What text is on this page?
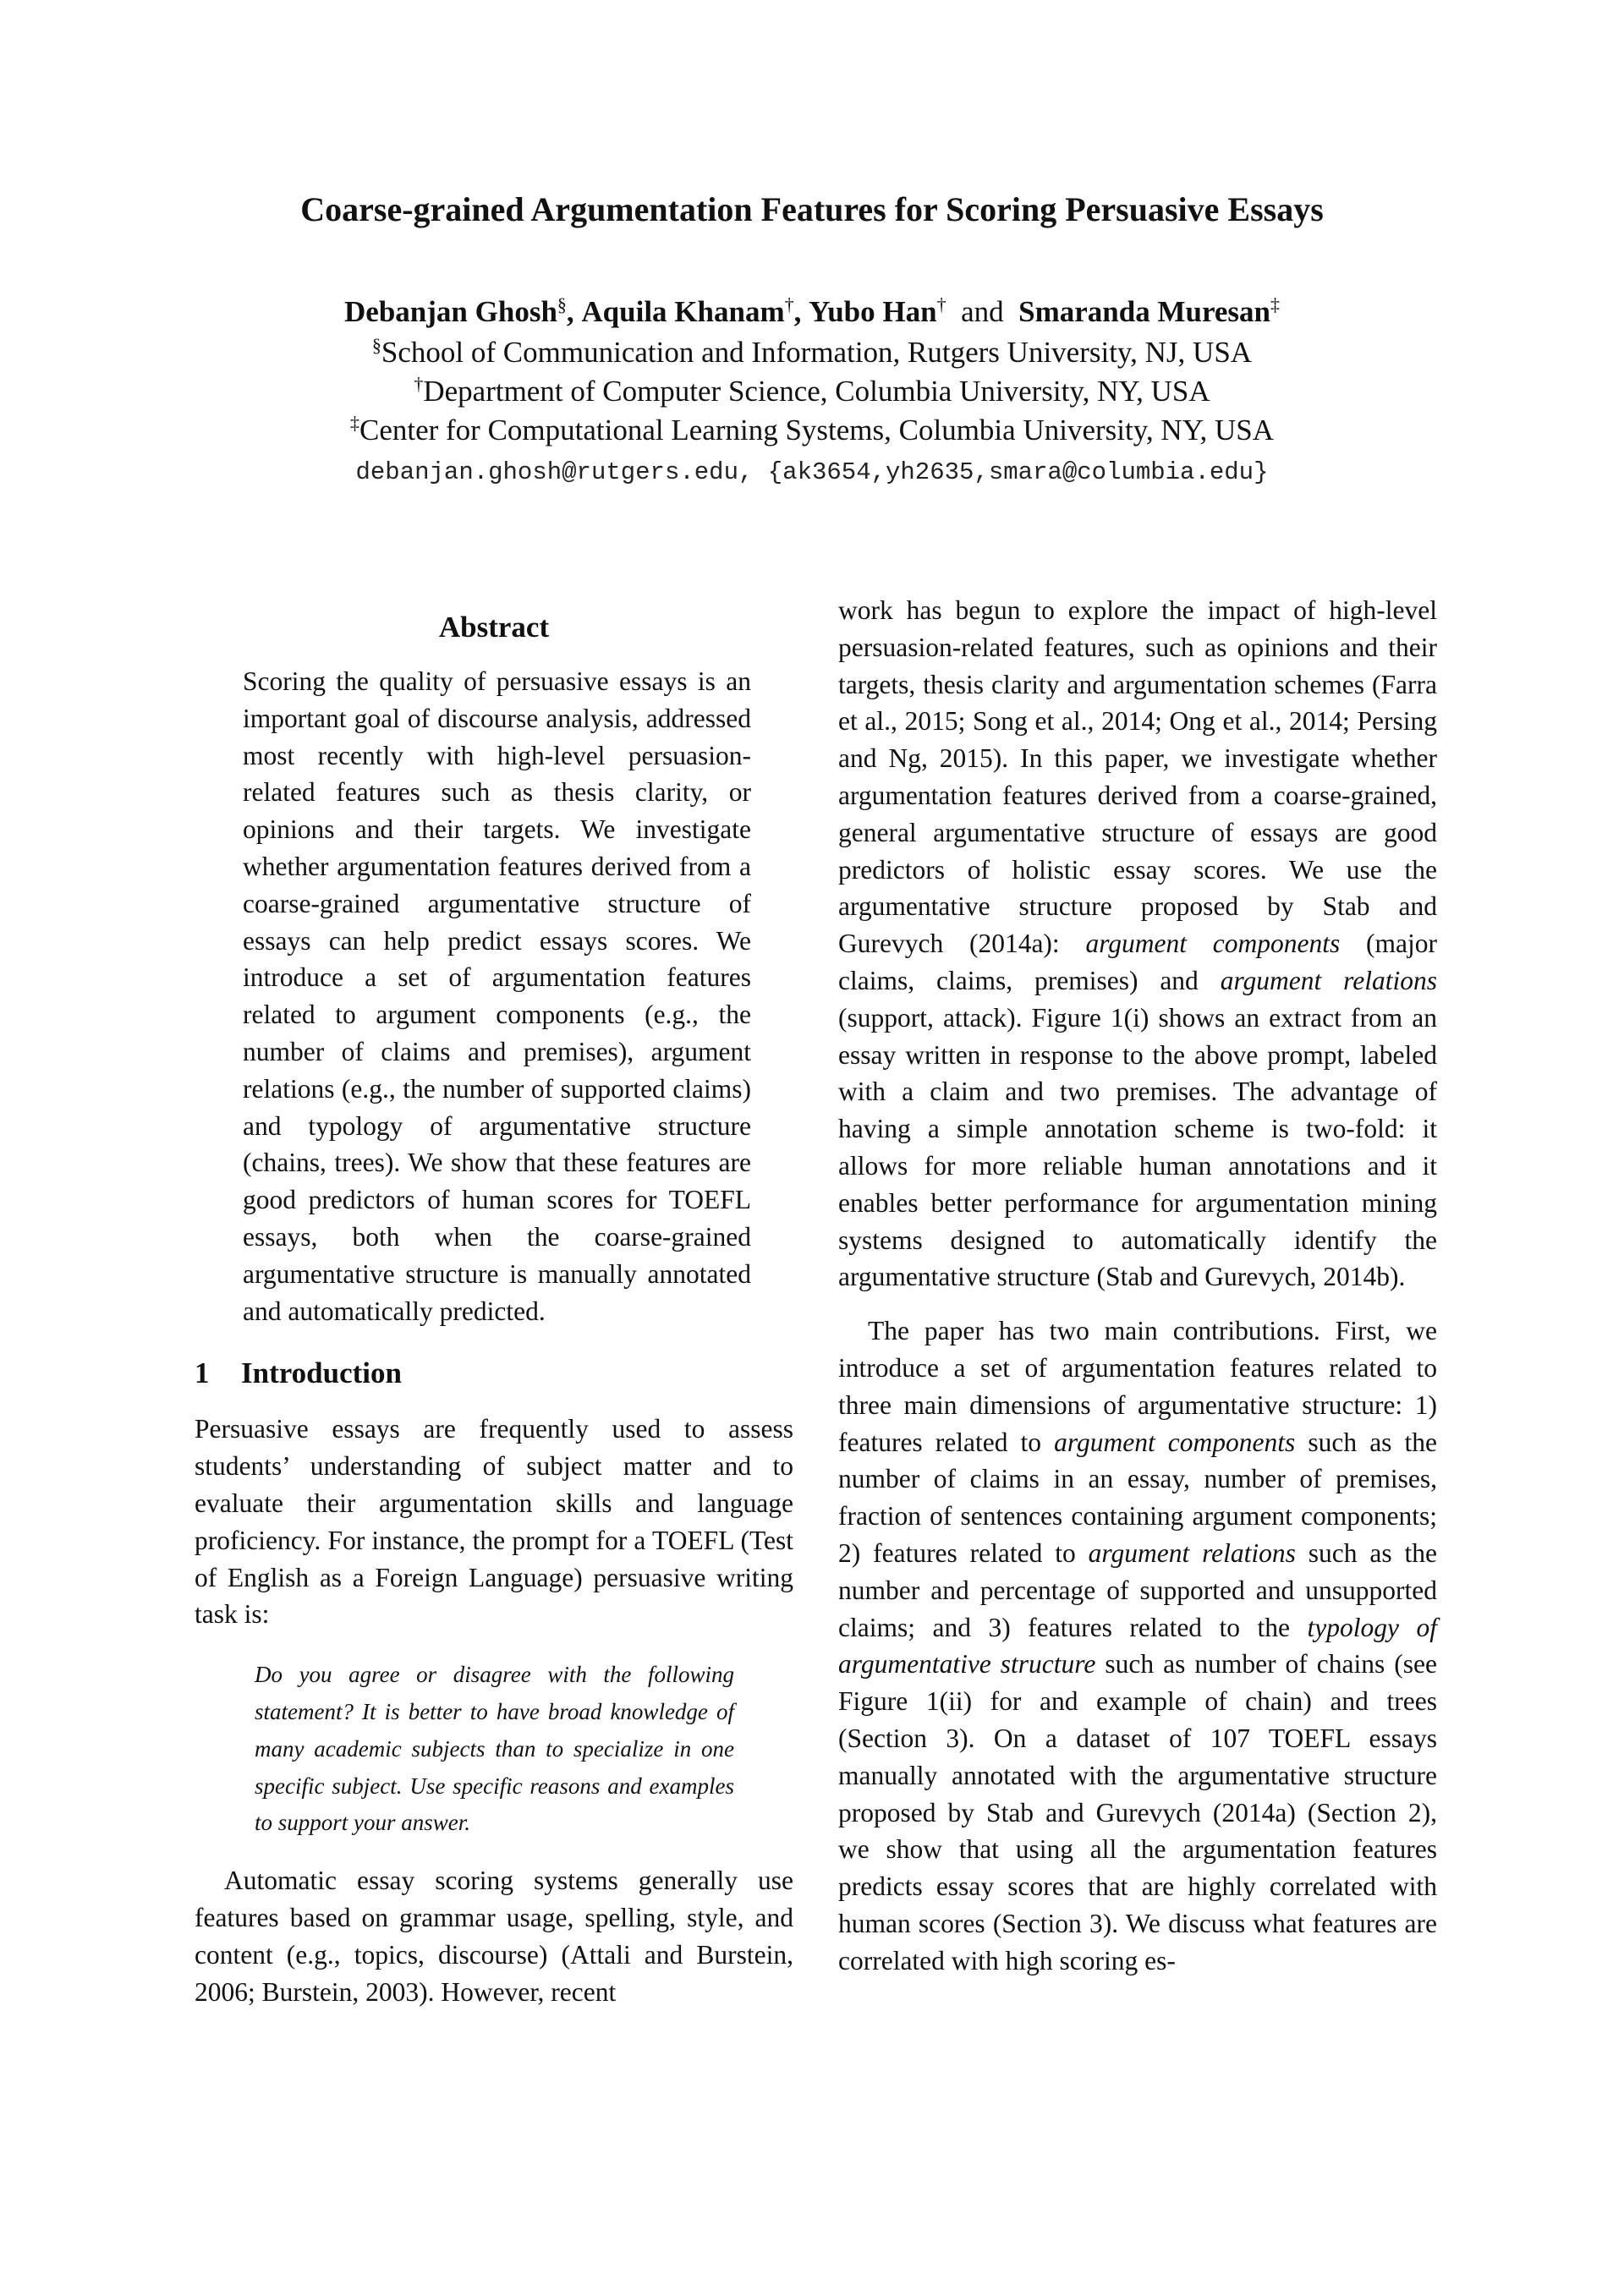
Coarse-grained Argumentation Features for Scoring Persuasive Essays
Debanjan Ghosh§, Aquila Khanam†, Yubo Han† and Smaranda Muresan‡
§School of Communication and Information, Rutgers University, NJ, USA
†Department of Computer Science, Columbia University, NY, USA
‡Center for Computational Learning Systems, Columbia University, NY, USA
debanjan.ghosh@rutgers.edu, {ak3654,yh2635,smara@columbia.edu}
Abstract

Scoring the quality of persuasive essays is an important goal of discourse analysis, addressed most recently with high-level persuasion-related features such as thesis clarity, or opinions and their targets. We investigate whether argumentation features derived from a coarse-grained argumentative structure of essays can help predict essays scores. We introduce a set of argumentation features related to argument components (e.g., the number of claims and premises), argument relations (e.g., the number of supported claims) and typology of argumentative structure (chains, trees). We show that these features are good predictors of human scores for TOEFL essays, both when the coarse-grained argumentative structure is manually annotated and automatically predicted.

1 Introduction

Persuasive essays are frequently used to assess students’ understanding of subject matter and to evaluate their argumentation skills and language proficiency. For instance, the prompt for a TOEFL (Test of English as a Foreign Language) persuasive writing task is:

Do you agree or disagree with the following statement? It is better to have broad knowledge of many academic subjects than to specialize in one specific subject. Use specific reasons and examples to support your answer.

Automatic essay scoring systems generally use features based on grammar usage, spelling, style, and content (e.g., topics, discourse) (Attali and Burstein, 2006; Burstein, 2003). However, recent

work has begun to explore the impact of high-level persuasion-related features, such as opinions and their targets, thesis clarity and argumentation schemes (Farra et al., 2015; Song et al., 2014; Ong et al., 2014; Persing and Ng, 2015). In this paper, we investigate whether argumentation features derived from a coarse-grained, general argumentative structure of essays are good predictors of holistic essay scores. We use the argumentative structure proposed by Stab and Gurevych (2014a): argument components (major claims, claims, premises) and argument relations (support, attack). Figure 1(i) shows an extract from an essay written in response to the above prompt, labeled with a claim and two premises. The advantage of having a simple annotation scheme is two-fold: it allows for more reliable human annotations and it enables better performance for argumentation mining systems designed to automatically identify the argumentative structure (Stab and Gurevych, 2014b).

The paper has two main contributions. First, we introduce a set of argumentation features related to three main dimensions of argumentative structure: 1) features related to argument components such as the number of claims in an essay, number of premises, fraction of sentences containing argument components; 2) features related to argument relations such as the number and percentage of supported and unsupported claims; and 3) features related to the typology of argumentative structure such as number of chains (see Figure 1(ii) for and example of chain) and trees (Section 3). On a dataset of 107 TOEFL essays manually annotated with the argumentative structure proposed by Stab and Gurevych (2014a) (Section 2), we show that using all the argumentation features predicts essay scores that are highly correlated with human scores (Section 3). We discuss what features are correlated with high scoring es-
